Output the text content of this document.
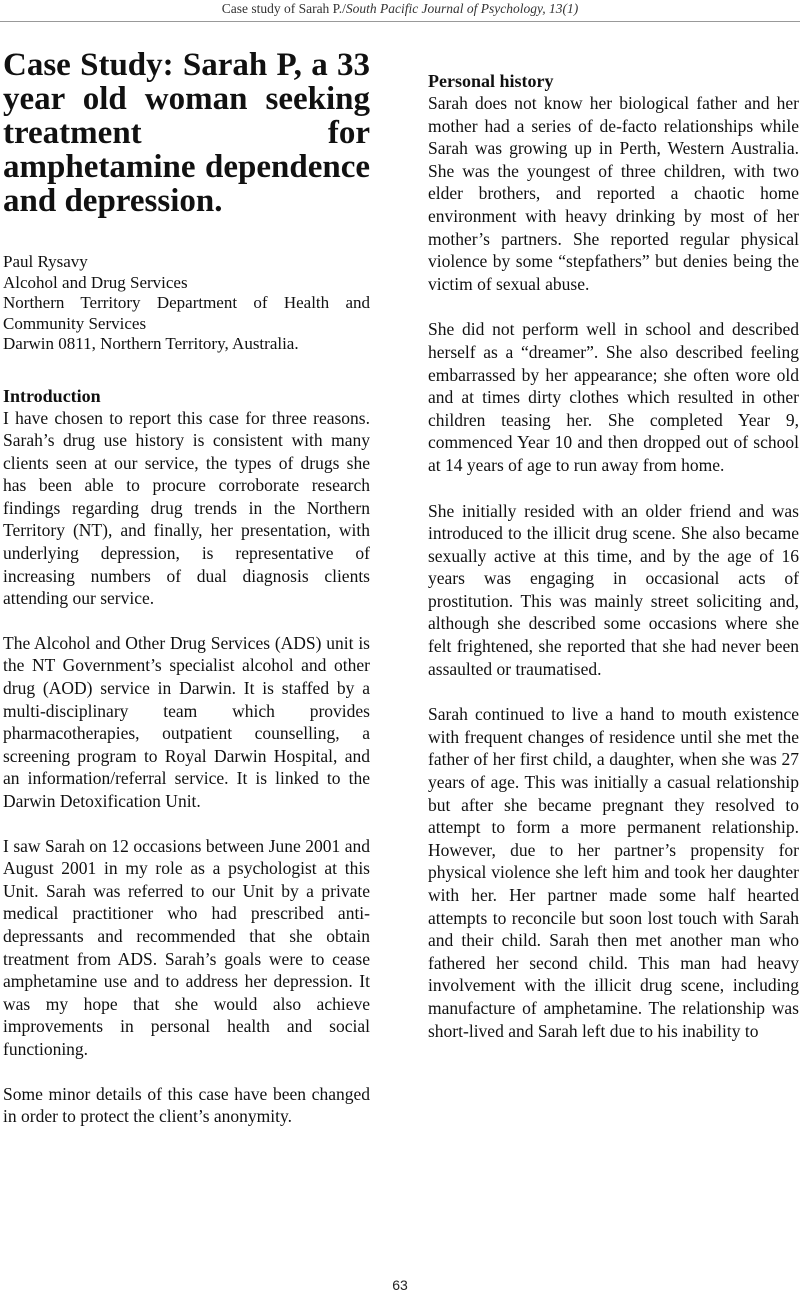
Case study of Sarah P./South Pacific Journal of Psychology, 13(1)
Case Study: Sarah P, a 33 year old woman seeking treatment for amphetamine dependence and depression.
Paul Rysavy
Alcohol and Drug Services
Northern Territory Department of Health and Community Services
Darwin 0811, Northern Territory, Australia.
Introduction

I have chosen to report this case for three reasons. Sarah’s drug use history is consistent with many clients seen at our service, the types of drugs she has been able to procure corroborate research findings regarding drug trends in the Northern Territory (NT), and finally, her presentation, with underlying depression, is representative of increasing numbers of dual diagnosis clients attending our service.

The Alcohol and Other Drug Services (ADS) unit is the NT Government’s specialist alcohol and other drug (AOD) service in Darwin. It is staffed by a multi-disciplinary team which provides pharmacotherapies, outpatient counselling, a screening program to Royal Darwin Hospital, and an information/referral service. It is linked to the Darwin Detoxification Unit.

I saw Sarah on 12 occasions between June 2001 and August 2001 in my role as a psychologist at this Unit. Sarah was referred to our Unit by a private medical practitioner who had prescribed anti-depressants and recommended that she obtain treatment from ADS. Sarah’s goals were to cease amphetamine use and to address her depression. It was my hope that she would also achieve improvements in personal health and social functioning.

Some minor details of this case have been changed in order to protect the client’s anonymity.

Personal history

Sarah does not know her biological father and her mother had a series of de-facto relationships while Sarah was growing up in Perth, Western Australia. She was the youngest of three children, with two elder brothers, and reported a chaotic home environment with heavy drinking by most of her mother’s partners. She reported regular physical violence by some “stepfathers” but denies being the victim of sexual abuse.

She did not perform well in school and described herself as a “dreamer”. She also described feeling embarrassed by her appearance; she often wore old and at times dirty clothes which resulted in other children teasing her. She completed Year 9, commenced Year 10 and then dropped out of school at 14 years of age to run away from home.

She initially resided with an older friend and was introduced to the illicit drug scene. She also became sexually active at this time, and by the age of 16 years was engaging in occasional acts of prostitution. This was mainly street soliciting and, although she described some occasions where she felt frightened, she reported that she had never been assaulted or traumatised.

Sarah continued to live a hand to mouth existence with frequent changes of residence until she met the father of her first child, a daughter, when she was 27 years of age. This was initially a casual relationship but after she became pregnant they resolved to attempt to form a more permanent relationship. However, due to her partner’s propensity for physical violence she left him and took her daughter with her. Her partner made some half hearted attempts to reconcile but soon lost touch with Sarah and their child. Sarah then met another man who fathered her second child. This man had heavy involvement with the illicit drug scene, including manufacture of amphetamine. The relationship was short-lived and Sarah left due to his inability to

63
